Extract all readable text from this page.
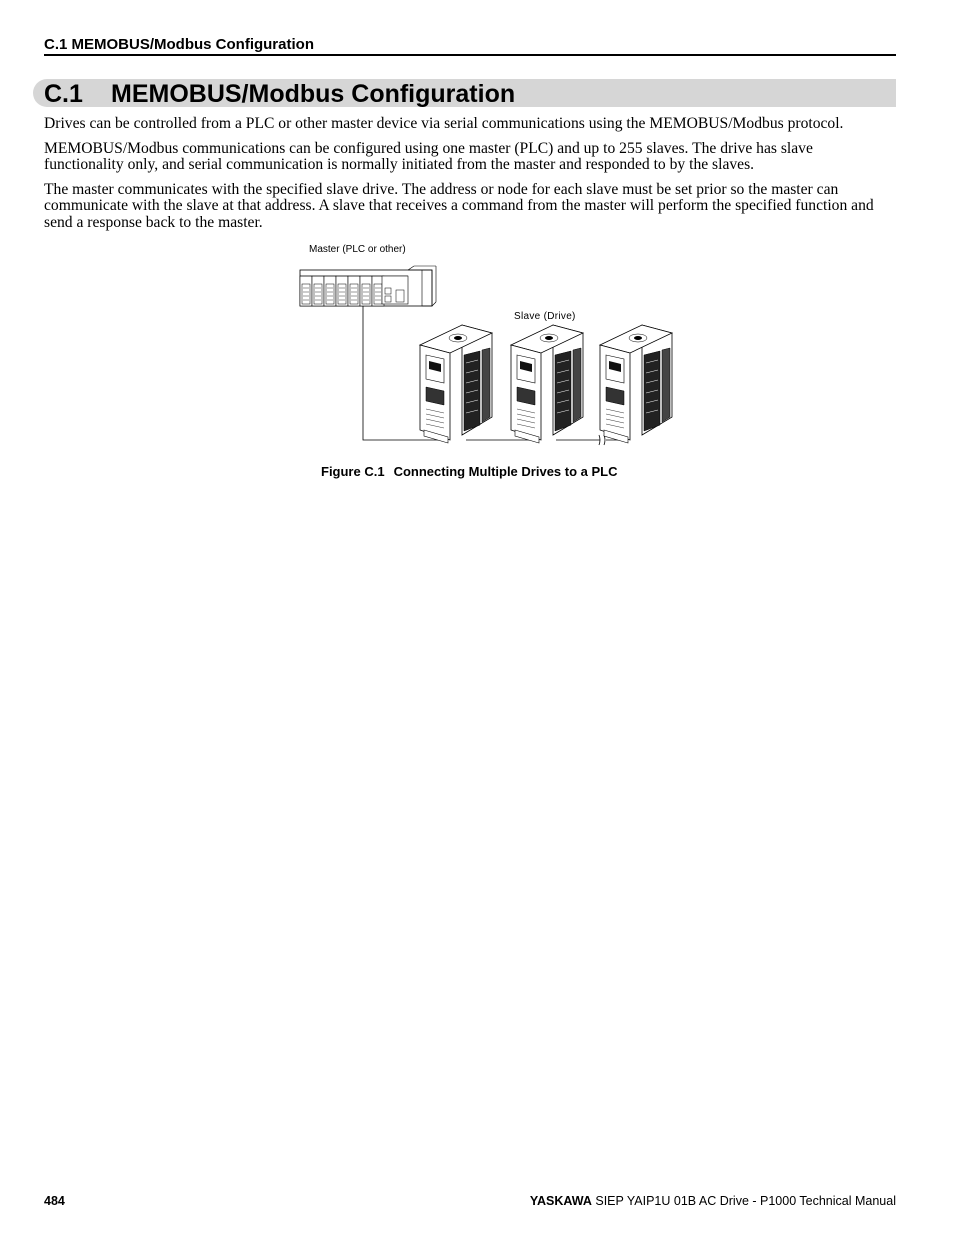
C.1 MEMOBUS/Modbus Configuration
C.1 MEMOBUS/Modbus Configuration

Drives can be controlled from a PLC or other master device via serial communications using the MEMOBUS/Modbus protocol.

MEMOBUS/Modbus communications can be configured using one master (PLC) and up to 255 slaves. The drive has slave functionality only, and serial communication is normally initiated from the master and responded to by the slaves.

The master communicates with the specified slave drive. The address or node for each slave must be set prior so the master can communicate with the slave at that address. A slave that receives a command from the master will perform the specified function and send a response back to the master.

Master (PLC or other)
Slave (Drive)
Figure C.1 Connecting Multiple Drives to a PLC
484	YASKAWA SIEP YAIP1U 01B AC Drive - P1000 Technical Manual
